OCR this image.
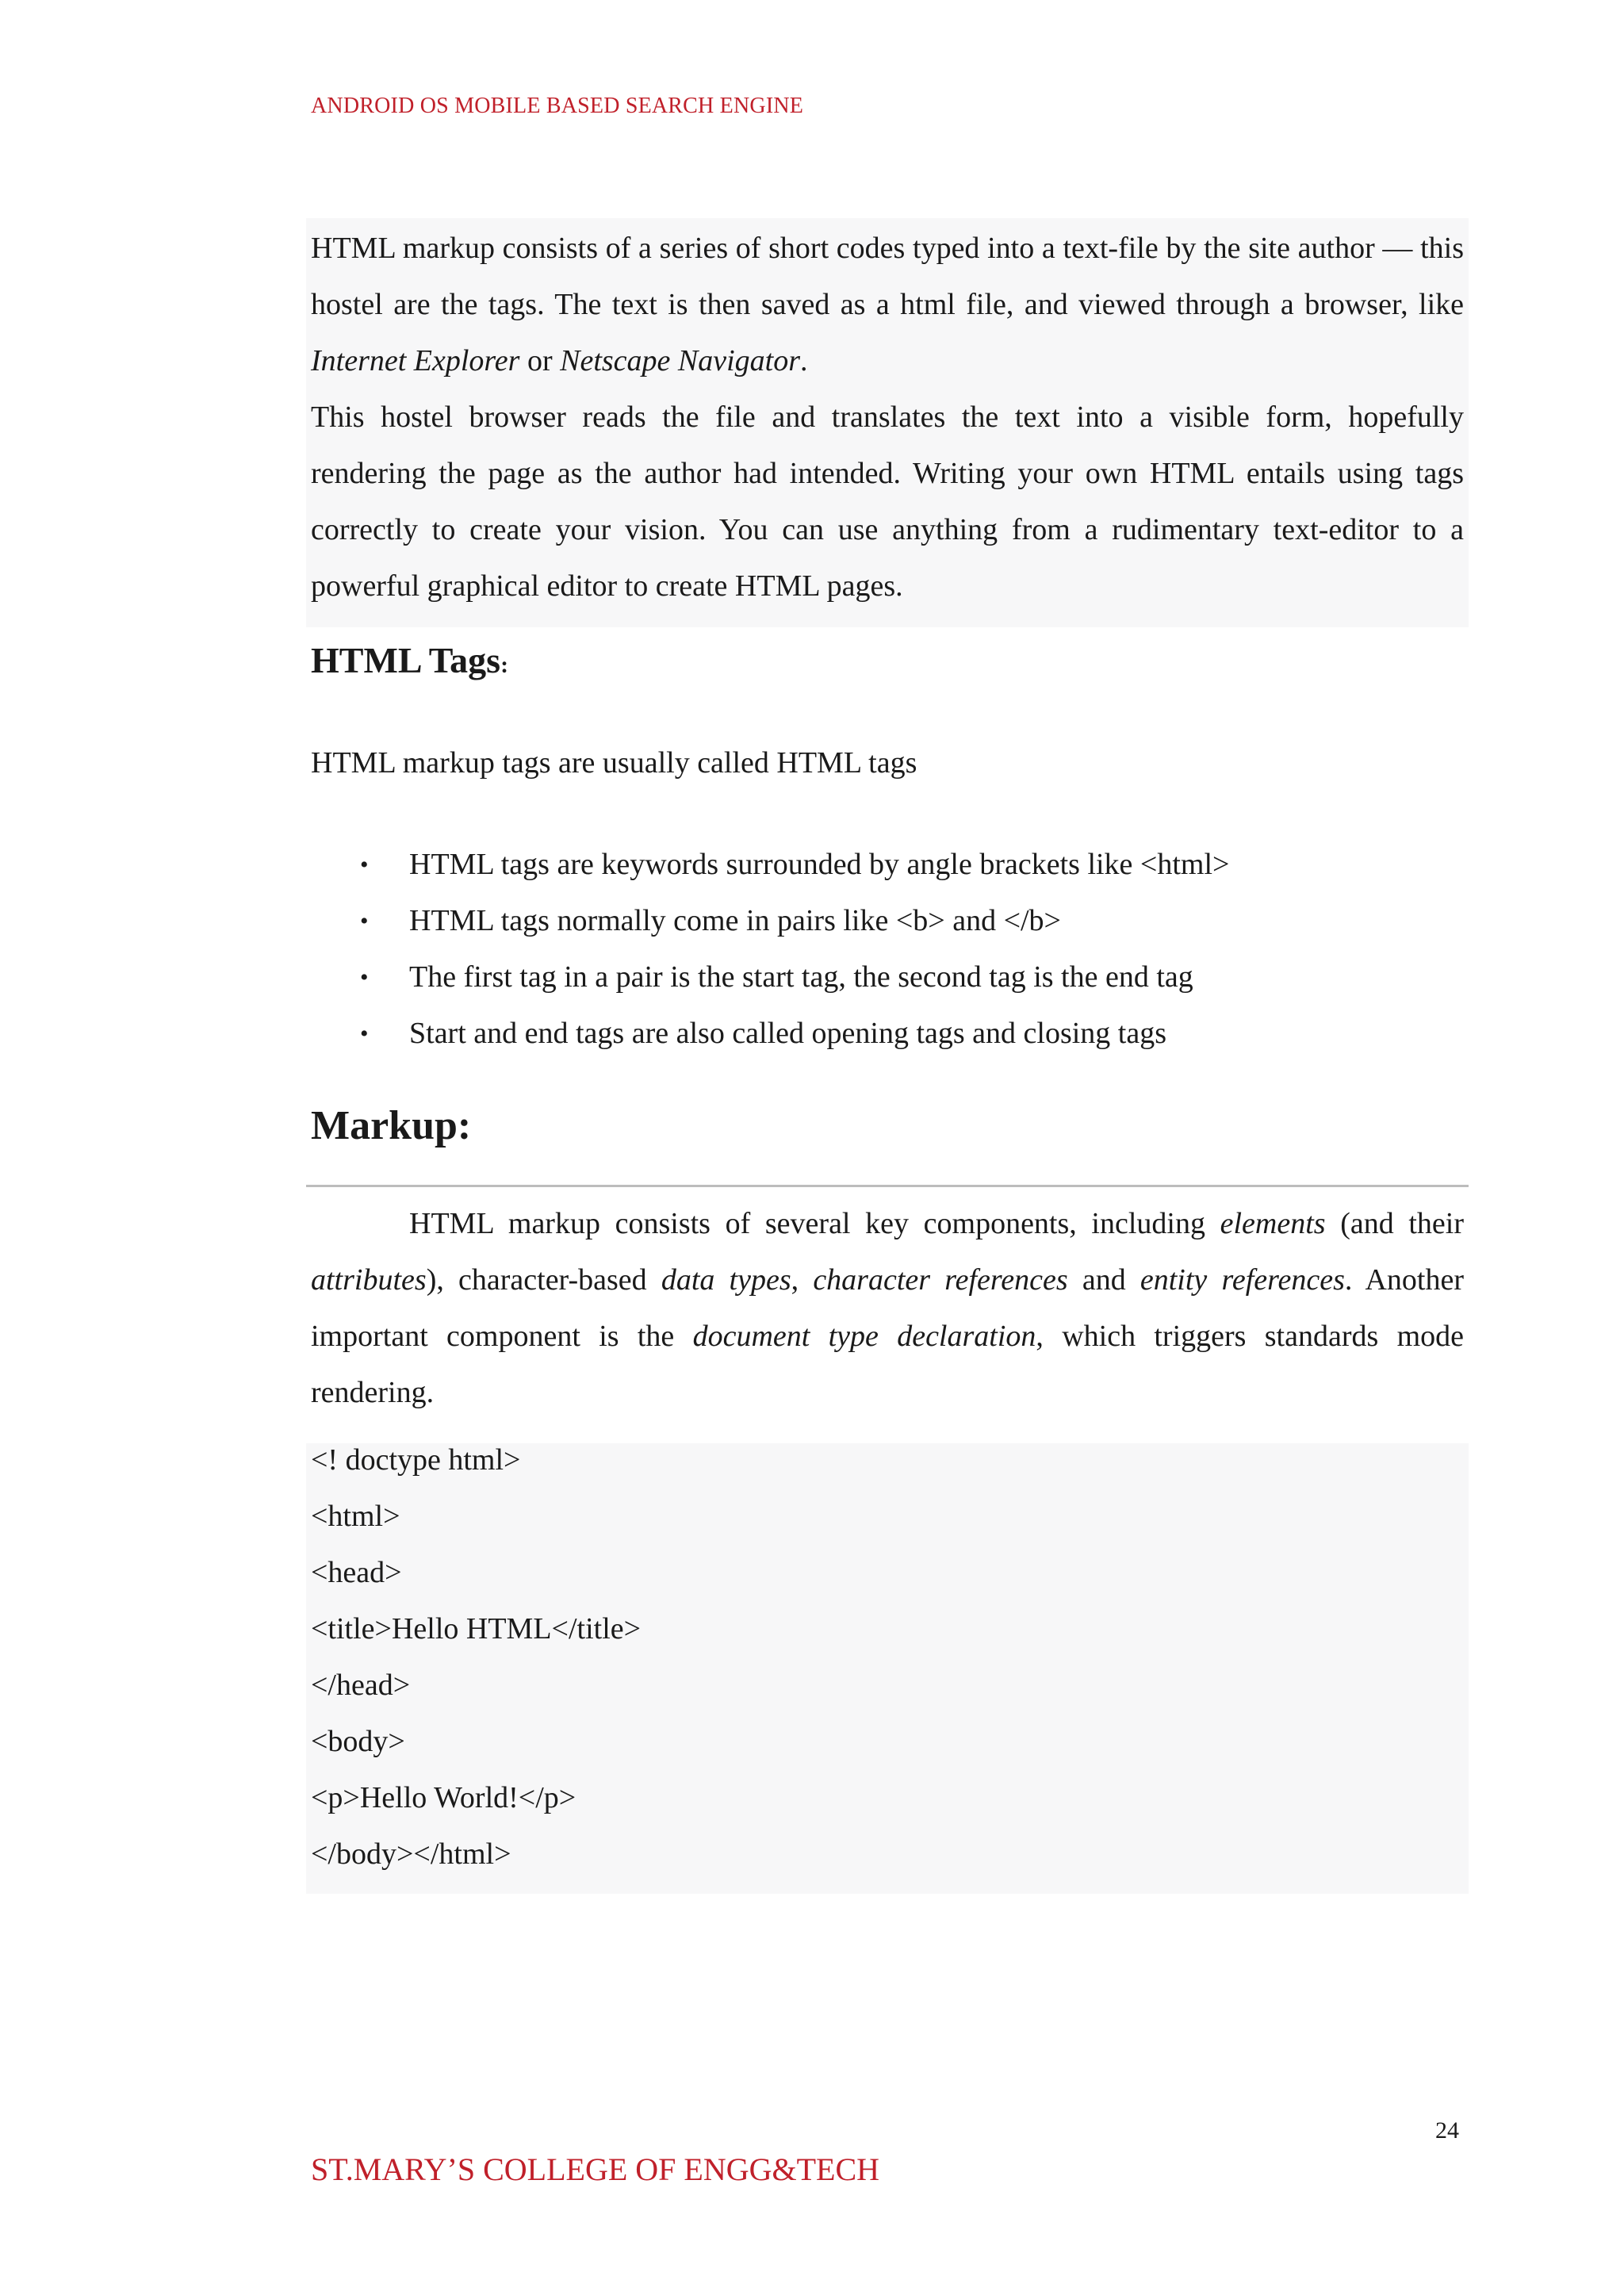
ANDROID OS MOBILE BASED SEARCH ENGINE

HTML markup consists of a series of short codes typed into a text-file by the site author — this hostel are the tags. The text is then saved as a html file, and viewed through a browser, like Internet Explorer or Netscape Navigator.

This hostel browser reads the file and translates the text into a visible form, hopefully rendering the page as the author had intended. Writing your own HTML entails using tags correctly to create your vision. You can use anything from a rudimentary text-editor to a powerful graphical editor to create HTML pages.

HTML Tags:

HTML markup tags are usually called HTML tags

• HTML tags are keywords surrounded by angle brackets like <html>
• HTML tags normally come in pairs like <b> and </b>
• The first tag in a pair is the start tag, the second tag is the end tag
• Start and end tags are also called opening tags and closing tags
Markup:

HTML markup consists of several key components, including elements (and their attributes), character-based data types, character references and entity references. Another important component is the document type declaration, which triggers standards mode rendering.

<! doctype html>
<html>
<head>
<title>Hello HTML</title>
</head>
<body>
<p>Hello World!</p>
</body></html>
24
ST.MARY’S COLLEGE OF ENGG&TECH
